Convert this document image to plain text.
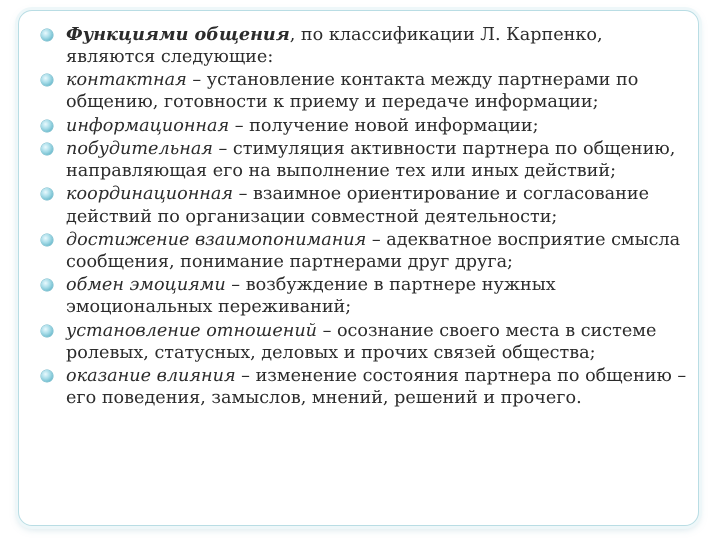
Функциями общения, по классификации Л. Карпенко, являются следующие:
контактная – установление контакта между партнерами по общению, готовности к приему и передаче информации;
информационная – получение новой информации;
побудительная – стимуляция активности партнера по общению, направляющая его на выполнение тех или иных действий;
координационная – взаимное ориентирование и согласование действий по организации совместной деятельности;
достижение взаимопонимания – адекватное восприятие смысла сообщения, понимание партнерами друг друга;
обмен эмоциями – возбуждение в партнере нужных эмоциональных переживаний;
установление отношений – осознание своего места в системе ролевых, статусных, деловых и прочих связей общества;
оказание влияния – изменение состояния партнера по общению – его поведения, замыслов, мнений, решений и прочего.
